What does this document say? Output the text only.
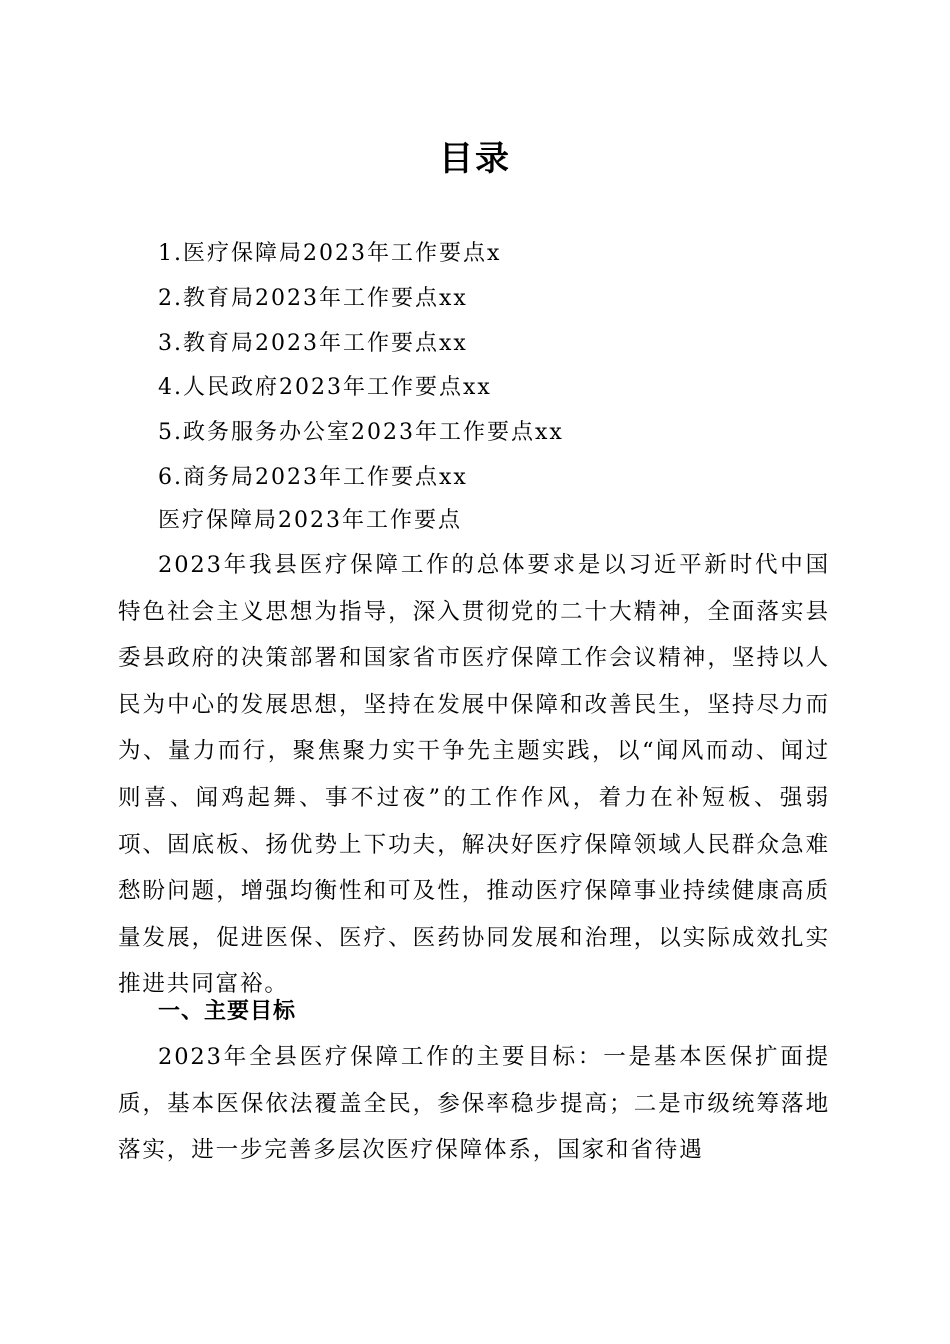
目录
1.医疗保障局2023年工作要点x
2.教育局2023年工作要点xx
3.教育局2023年工作要点xx
4.人民政府2023年工作要点xx
5.政务服务办公室2023年工作要点xx
6.商务局2023年工作要点xx

医疗保障局2023年工作要点

2023年我县医疗保障工作的总体要求是以习近平新时代中国特色社会主义思想为指导，深入贯彻党的二十大精神，全面落实县委县政府的决策部署和国家省市医疗保障工作会议精神，坚持以人民为中心的发展思想，坚持在发展中保障和改善民生，坚持尽力而为、量力而行，聚焦聚力实干争先主题实践，以“闻风而动、闻过则喜、闻鸡起舞、事不过夜”的工作作风，着力在补短板、强弱项、固底板、扬优势上下功夫，解决好医疗保障领域人民群众急难愁盼问题，增强均衡性和可及性，推动医疗保障事业持续健康高质量发展，促进医保、医疗、医药协同发展和治理，以实际成效扎实推进共同富裕。

一、主要目标

2023年全县医疗保障工作的主要目标：一是基本医保扩面提质，基本医保依法覆盖全民，参保率稳步提高；二是市级统筹落地落实，进一步完善多层次医疗保障体系，国家和省待遇
